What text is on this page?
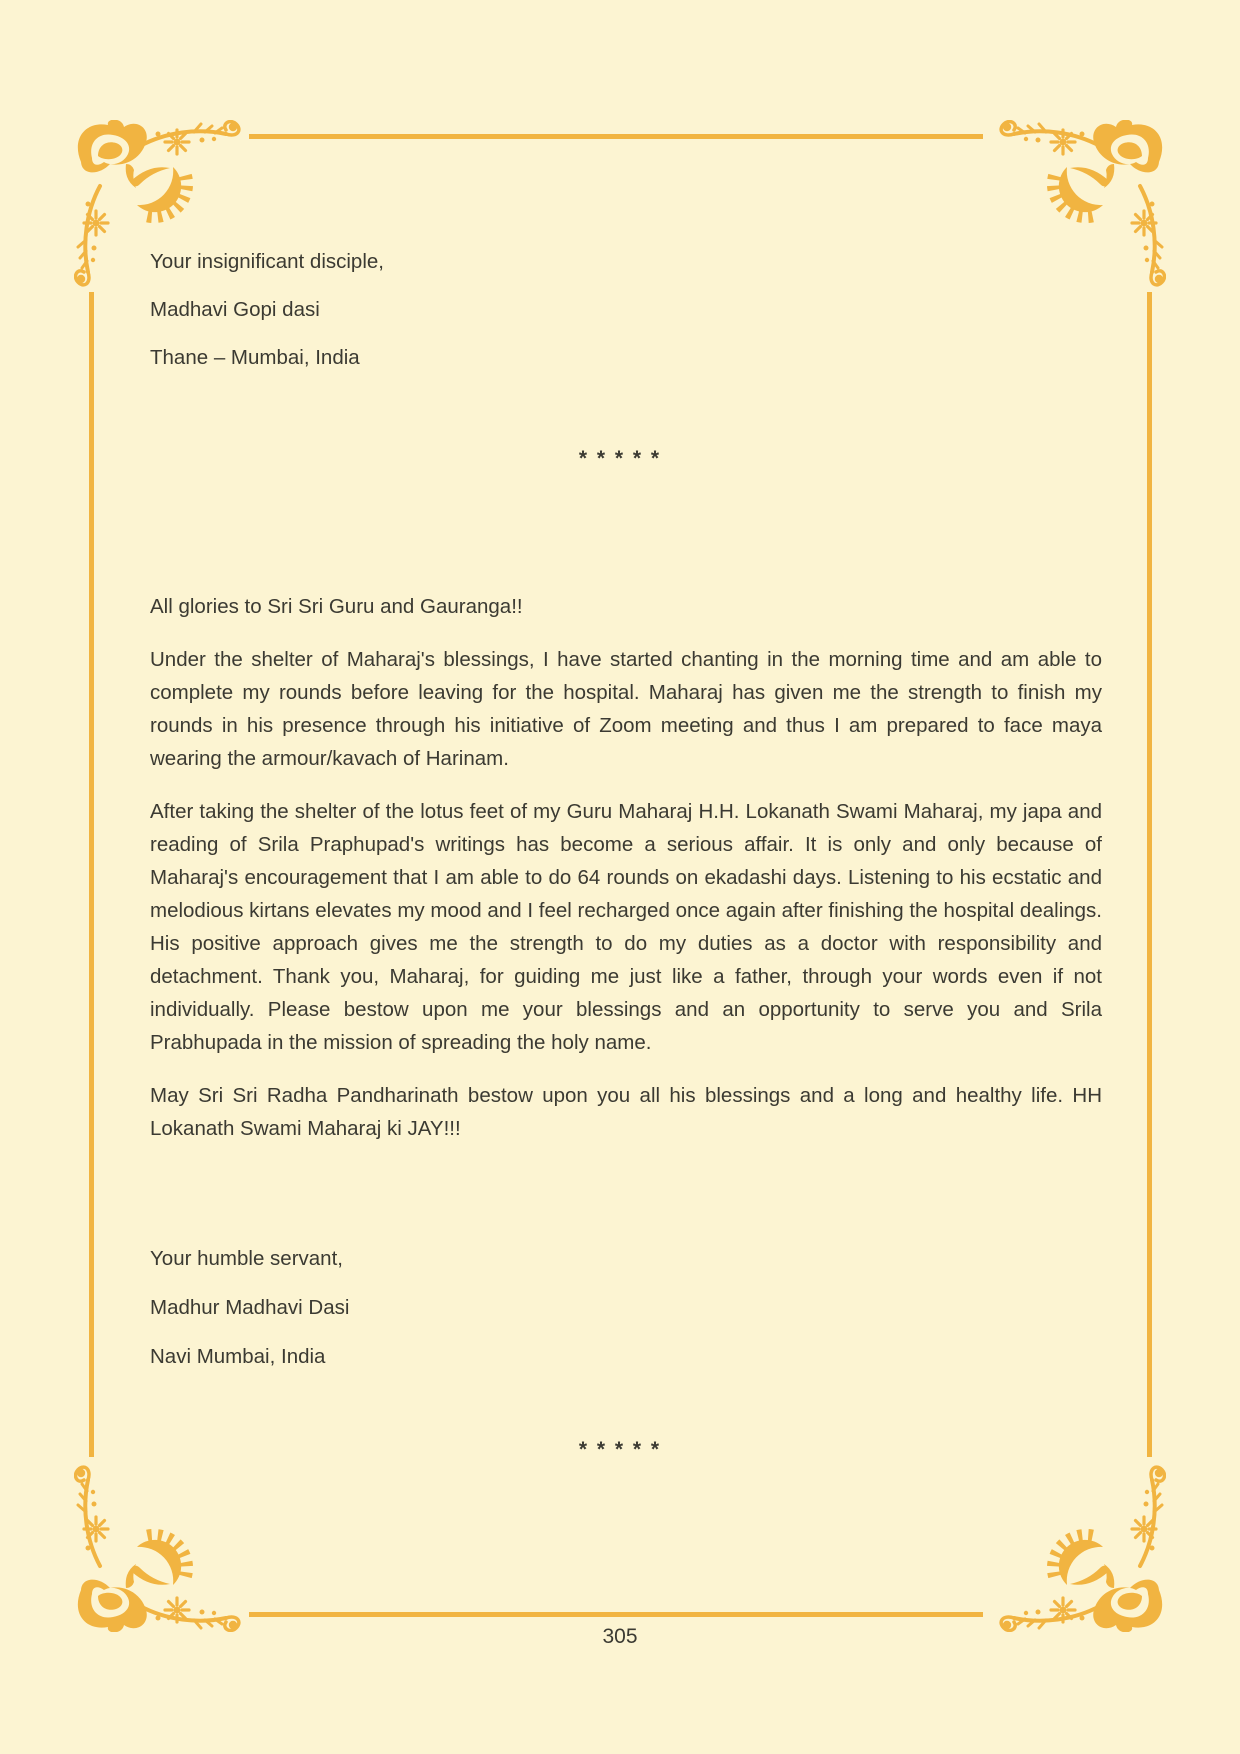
Your insignificant disciple,

Madhavi Gopi dasi

Thane – Mumbai, India

* * * * *

All glories to Sri Sri Guru and Gauranga!!

Under the shelter of Maharaj's blessings, I have started chanting in the morning time and am able to complete my rounds before leaving for the hospital. Maharaj has given me the strength to finish my rounds in his presence through his initiative of Zoom meeting and thus I am prepared to face maya wearing the armour/kavach of Harinam.

After taking the shelter of the lotus feet of my Guru Maharaj H.H. Lokanath Swami Maharaj, my japa and reading of Srila Praphupad's writings has become a serious affair. It is only and only because of Maharaj's encouragement that I am able to do 64 rounds on ekadashi days. Listening to his ecstatic and melodious kirtans elevates my mood and I feel recharged once again after finishing the hospital dealings. His positive approach gives me the strength to do my duties as a doctor with responsibility and detachment. Thank you, Maharaj, for guiding me just like a father, through your words even if not individually. Please bestow upon me your blessings and an opportunity to serve you and Srila Prabhupada in the mission of spreading the holy name.

May Sri Sri Radha Pandharinath bestow upon you all his blessings and a long and healthy life. HH Lokanath Swami Maharaj ki JAY!!!

Your humble servant,

Madhur Madhavi Dasi

Navi Mumbai, India

* * * * *
305
